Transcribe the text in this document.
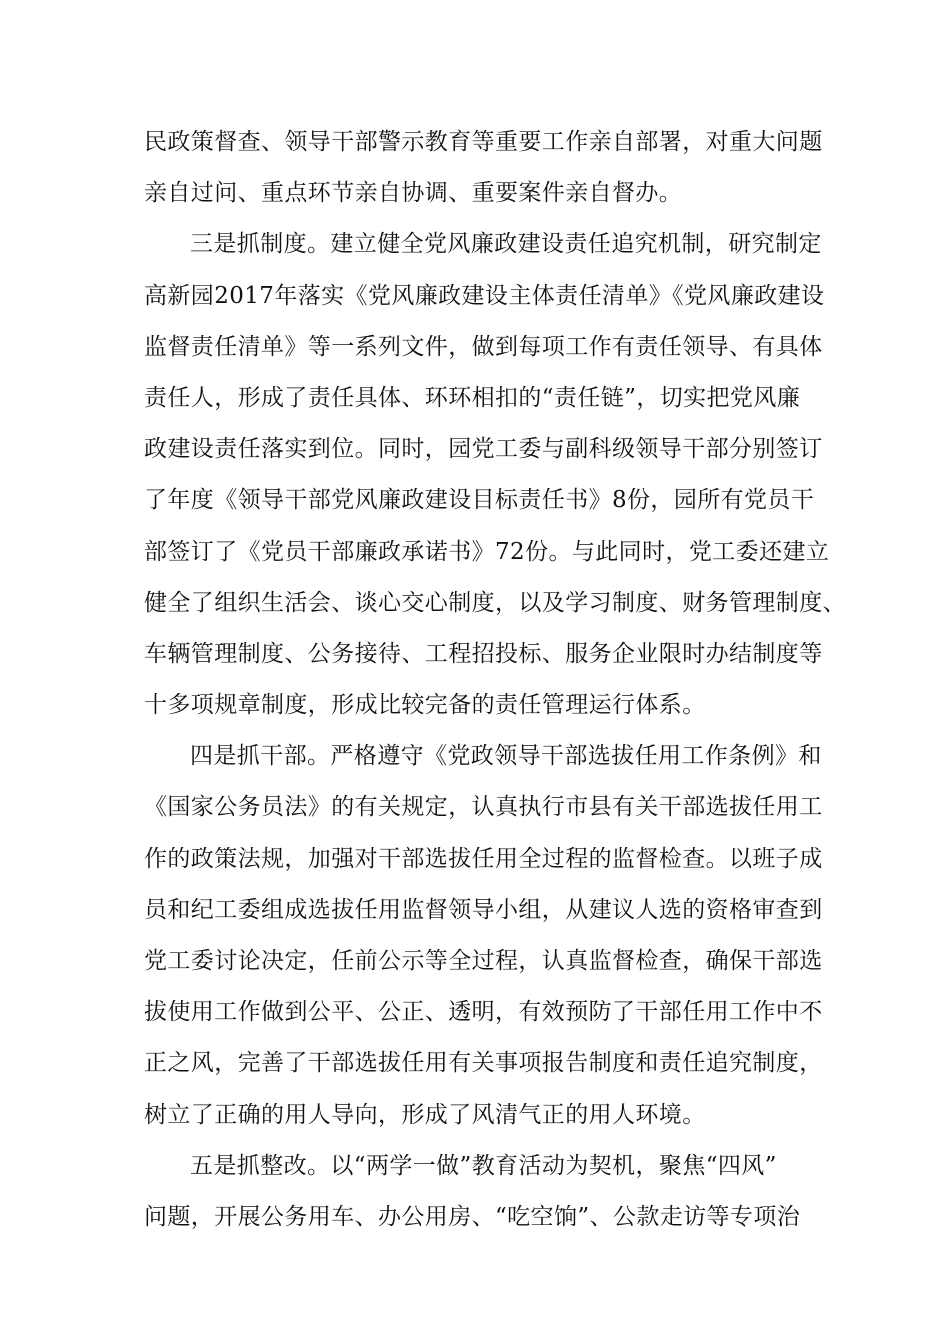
民政策督查、领导干部警示教育等重要工作亲自部署，对重大问题
亲自过问、重点环节亲自协调、重要案件亲自督办。
三是抓制度。建立健全党风廉政建设责任追究机制，研究制定
高新园2017年落实《党风廉政建设主体责任清单》《党风廉政建设
监督责任清单》等一系列文件，做到每项工作有责任领导、有具体
责任人，形成了责任具体、环环相扣的“责任链”，切实把党风廉
政建设责任落实到位。同时，园党工委与副科级领导干部分别签订
了年度《领导干部党风廉政建设目标责任书》8份，园所有党员干
部签订了《党员干部廉政承诺书》72份。与此同时，党工委还建立
健全了组织生活会、谈心交心制度，以及学习制度、财务管理制度、
车辆管理制度、公务接待、工程招投标、服务企业限时办结制度等
十多项规章制度，形成比较完备的责任管理运行体系。
四是抓干部。严格遵守《党政领导干部选拔任用工作条例》和
《国家公务员法》的有关规定，认真执行市县有关干部选拔任用工
作的政策法规，加强对干部选拔任用全过程的监督检查。以班子成
员和纪工委组成选拔任用监督领导小组，从建议人选的资格审查到
党工委讨论决定，任前公示等全过程，认真监督检查，确保干部选
拔使用工作做到公平、公正、透明，有效预防了干部任用工作中不
正之风，完善了干部选拔任用有关事项报告制度和责任追究制度，
树立了正确的用人导向，形成了风清气正的用人环境。
五是抓整改。以“两学一做”教育活动为契机，聚焦“四风”
问题，开展公务用车、办公用房、“吃空饷”、公款走访等专项治
